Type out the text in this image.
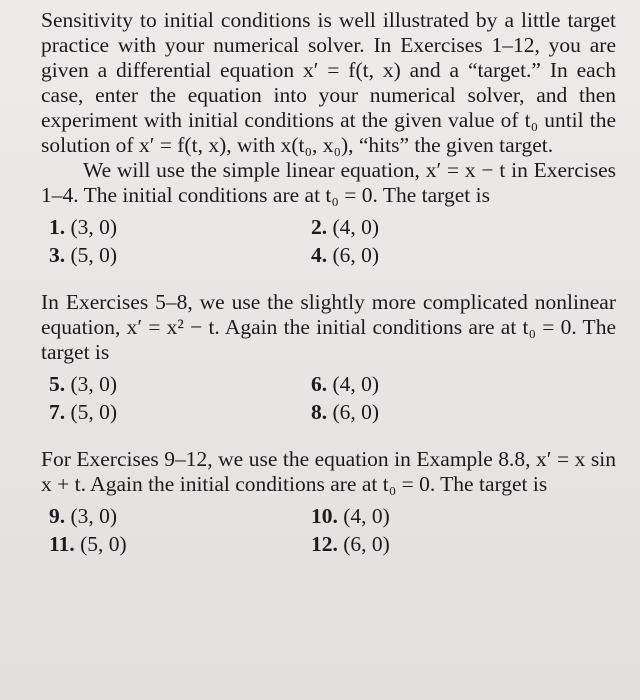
Sensitivity to initial conditions is well illustrated by a little target practice with your numerical solver. In Exercises 1–12, you are given a differential equation x′ = f(t, x) and a “target.” In each case, enter the equation into your numerical solver, and then experiment with initial conditions at the given value of t₀ until the solution of x′ = f(t, x), with x(t₀, x₀), “hits” the given target.

We will use the simple linear equation, x′ = x − t in Exercises 1–4. The initial conditions are at t₀ = 0. The target is

1. (3, 0)	2. (4, 0)
3. (5, 0)	4. (6, 0)

In Exercises 5–8, we use the slightly more complicated nonlinear equation, x′ = x² − t. Again the initial conditions are at t₀ = 0. The target is

5. (3, 0)	6. (4, 0)
7. (5, 0)	8. (6, 0)

For Exercises 9–12, we use the equation in Example 8.8, x′ = x sin x + t. Again the initial conditions are at t₀ = 0. The target is

9. (3, 0)	10. (4, 0)
11. (5, 0)	12. (6, 0)
